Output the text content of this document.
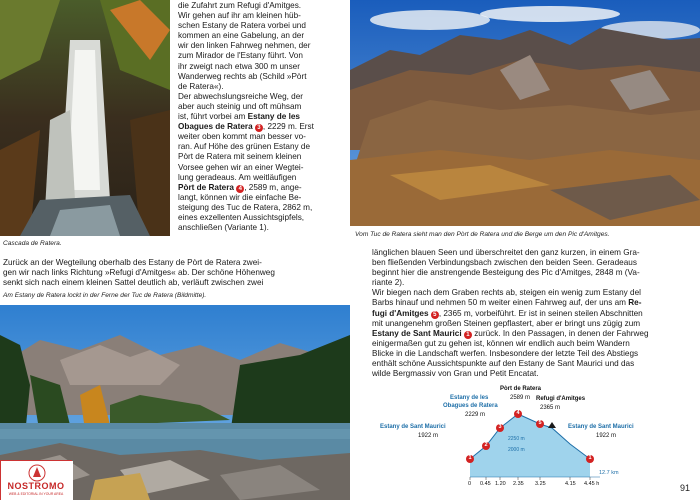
Cascada de Ratera.

die Zufahrt zum Refugi d'Amitges.

Wir gehen auf ihr am kleinen hüb-

schen Estany de Ratera vorbei und

kommen an eine Gabelung, an der

wir den linken Fahrweg nehmen, der

zum Mirador de l'Estany führt. Von

ihr zweigt nach etwa 300 m unser

Wanderweg rechts ab (Schild »Pòrt

de Ratera«).

Der abwechslungsreiche Weg, der

aber auch steinig und oft mühsam

ist, führt vorbei am Estany de les

Obagues de Ratera 3 , 2229 m. Erst

weiter oben kommt man besser vo-

ran. Auf Höhe des grünen Estany de

Pòrt de Ratera mit seinem kleinen

Vorsee gehen wir an einer Wegtei-

lung geradeaus. Am weitläufigen

Pòrt de Ratera 4 , 2589 m, ange-

langt, können wir die einfache Be-

steigung des Tuc de Ratera, 2862 m,

eines exzellenten Aussichtsgipfels,

anschließen (Variante 1).

Zurück an der Wegteilung oberhalb des Estany de Pòrt de Ratera zwei-

gen wir nach links Richtung »Refugi d'Amitges« ab. Der schöne Höhenweg

senkt sich nach einem kleinen Sattel deutlich ab, verläuft zwischen zwei

Am Estany de Ratera lockt in der Ferne der Tuc de Ratera (Bildmitte).
NOSTROMO
WEB & EDITORIAL IN YOUR AREA
Vom Tuc de Ratera sieht man den Pòrt de Ratera und die Berge um den Pic d'Amitges.

länglichen blauen Seen und überschreitet den ganz kurzen, in einem Gra-

ben fließenden Verbindungsbach zwischen den beiden Seen. Geradeaus

beginnt hier die anstrengende Besteigung des Pic d'Amitges, 2848 m (Va-

riante 2).

Wir biegen nach dem Graben rechts ab, steigen ein wenig zum Estany del

Barbs hinauf und nehmen 50 m weiter einen Fahrweg auf, der uns am Re-

fugi d'Amitges 5 , 2365 m, vorbeiführt. Er ist in seinen steilen Abschnitten

mit unangenehm großen Steinen gepflastert, aber er bringt uns zügig zum

Estany de Sant Maurici 1 zurück. In den Passagen, in denen der Fahrweg

einigermaßen gut zu gehen ist, können wir endlich auch beim Wandern

Blicke in die Landschaft werfen. Insbesondere der letzte Teil des Abstiegs

enthält schöne Aussichtspunkte auf den Estany de Sant Maurici und das

wilde Bergmassiv von Gran und Petit Encatat.

1
2
3
4
5
1
Pòrt de Ratera
2589 m
Estany de les
Obagues de Ratera
2229 m
Refugi d'Amitges
2365 m
Estany de Sant Maurici
1922 m
Estany de Sant Maurici
1922 m
2250 m
2000 m
12.7 km
0 0.45 1.20 2.35 3.25	4.15 4.45 h	91
